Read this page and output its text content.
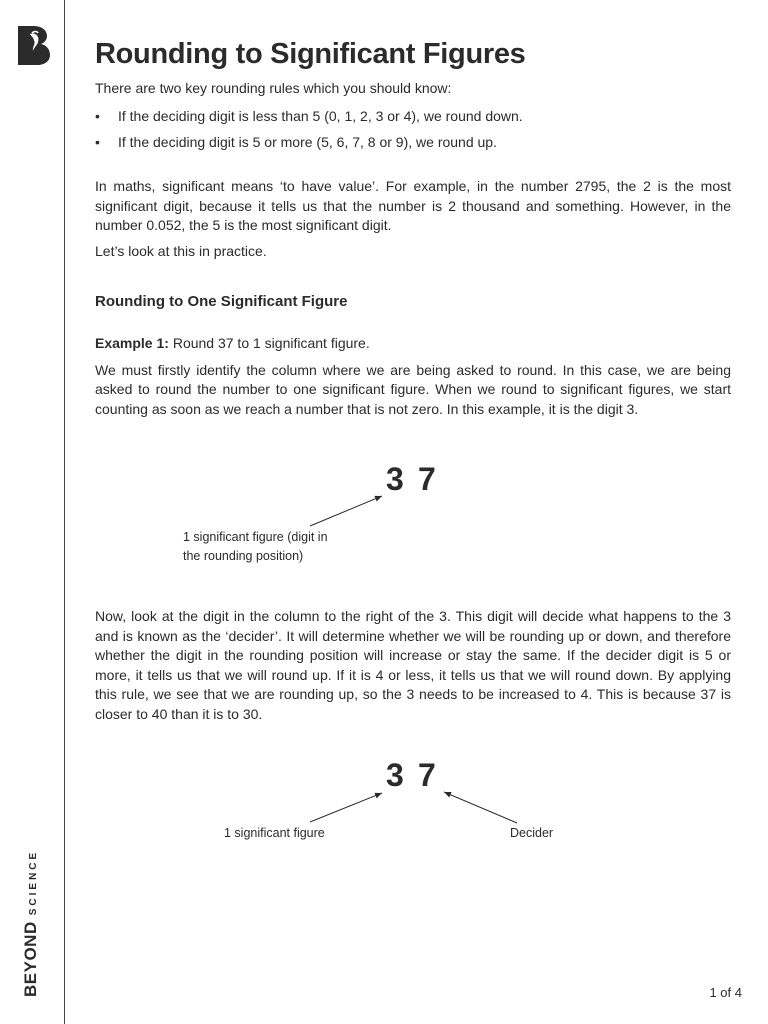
BEYONDSCIENCE
Rounding to Significant Figures

There are two key rounding rules which you should know:

• If the deciding digit is less than 5 (0, 1, 2, 3 or 4), we round down.
• If the deciding digit is 5 or more (5, 6, 7, 8 or 9), we round up.

In maths, significant means ‘to have value’. For example, in the number 2795, the 2 is the most significant digit, because it tells us that the number is 2 thousand and something. However, in the number 0.052, the 5 is the most significant digit.

Let’s look at this in practice.

Rounding to One Significant Figure

Example 1: Round 37 to 1 significant figure.

We must firstly identify the column where we are being asked to round. In this case, we are being asked to round the number to one significant figure. When we round to significant figures, we start counting as soon as we reach a number that is not zero. In this example, it is the digit 3.

3 7
1 significant figure (digit in
the rounding position)

Now, look at the digit in the column to the right of the 3. This digit will decide what happens to the 3 and is known as the ‘decider’. It will determine whether we will be rounding up or down, and therefore whether the digit in the rounding position will increase or stay the same. If the decider digit is 5 or more, it tells us that we will round up. If it is 4 or less, it tells us that we will round down. By applying this rule, we see that we are rounding up, so the 3 needs to be increased to 4. This is because 37 is closer to 40 than it is to 30.

3 7
1 significant figure	Decider
1 of 4
